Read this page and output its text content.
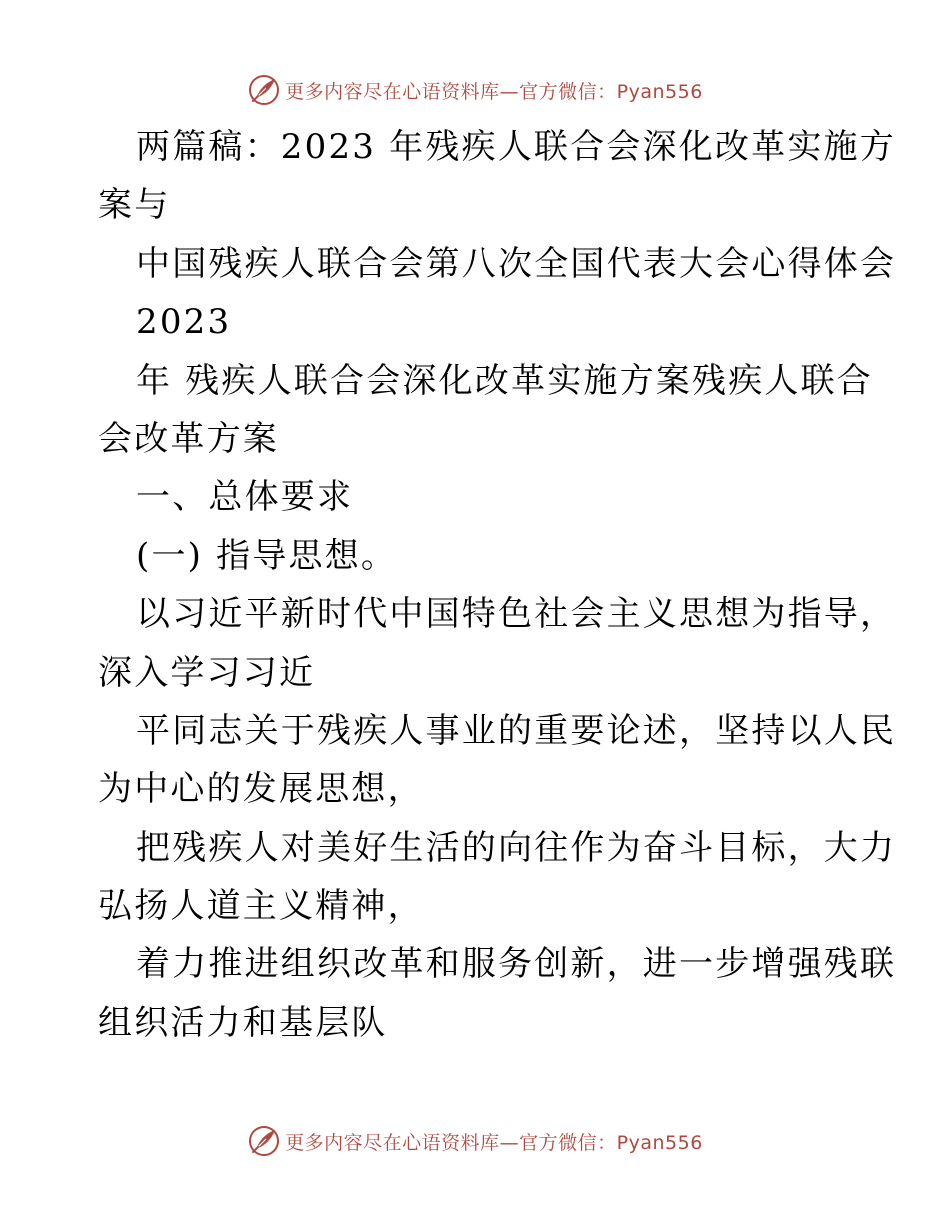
更多内容尽在心语资料库—官方微信：Pyan556
两篇稿：2023 年残疾人联合会深化改革实施方
案与
中国残疾人联合会第八次全国代表大会心得体会
2023
年 残疾人联合会深化改革实施方案残疾人联合
会改革方案
一、总体要求
(一) 指导思想。
以习近平新时代中国特色社会主义思想为指导，
深入学习习近
平同志关于残疾人事业的重要论述，坚持以人民
为中心的发展思想，
把残疾人对美好生活的向往作为奋斗目标，大力
弘扬人道主义精神，
着力推进组织改革和服务创新，进一步增强残联
组织活力和基层队
更多内容尽在心语资料库—官方微信：Pyan556
